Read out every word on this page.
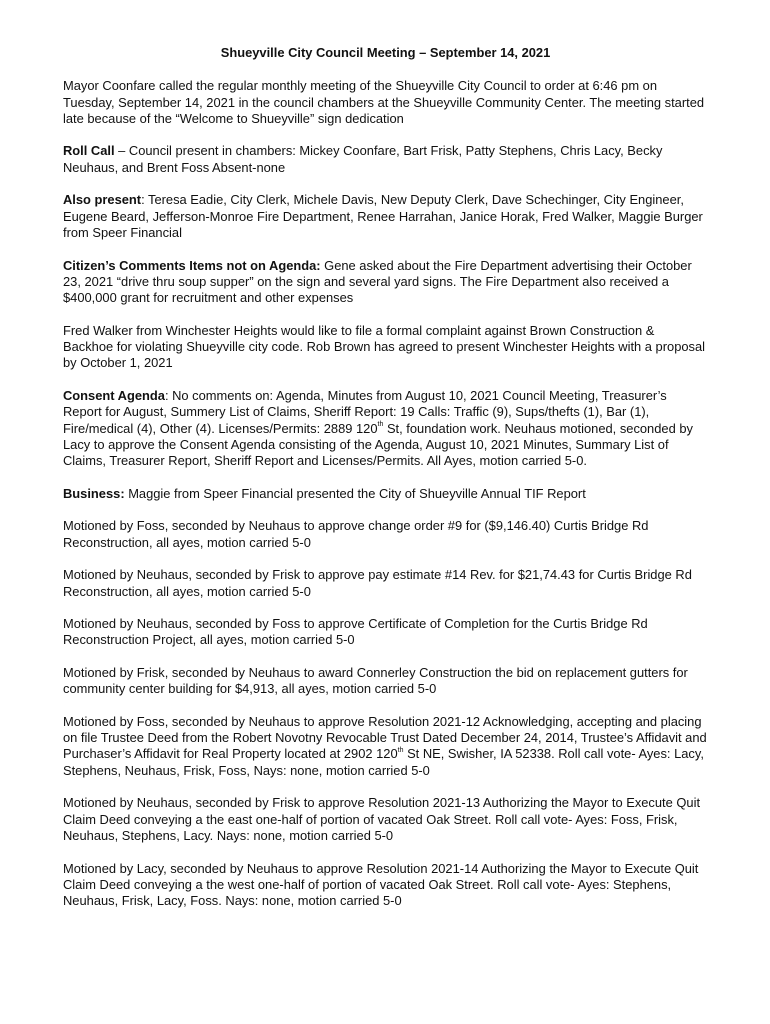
Shueyville City Council Meeting – September 14, 2021

Mayor Coonfare called the regular monthly meeting of the Shueyville City Council to order at 6:46 pm on Tuesday, September 14, 2021 in the council chambers at the Shueyville Community Center. The meeting started late because of the “Welcome to Shueyville” sign dedication

Roll Call – Council present in chambers: Mickey Coonfare, Bart Frisk, Patty Stephens, Chris Lacy, Becky Neuhaus, and Brent Foss Absent-none

Also present: Teresa Eadie, City Clerk, Michele Davis, New Deputy Clerk, Dave Schechinger, City Engineer, Eugene Beard, Jefferson-Monroe Fire Department, Renee Harrahan, Janice Horak, Fred Walker, Maggie Burger from Speer Financial

Citizen’s Comments Items not on Agenda: Gene asked about the Fire Department advertising their October 23, 2021 “drive thru soup supper” on the sign and several yard signs. The Fire Department also received a $400,000 grant for recruitment and other expenses

Fred Walker from Winchester Heights would like to file a formal complaint against Brown Construction & Backhoe for violating Shueyville city code. Rob Brown has agreed to present Winchester Heights with a proposal by October 1, 2021

Consent Agenda: No comments on: Agenda, Minutes from August 10, 2021 Council Meeting, Treasurer’s Report for August, Summery List of Claims, Sheriff Report: 19 Calls: Traffic (9), Sups/thefts (1), Bar (1), Fire/medical (4), Other (4). Licenses/Permits: 2889 120th St, foundation work. Neuhaus motioned, seconded by Lacy to approve the Consent Agenda consisting of the Agenda, August 10, 2021 Minutes, Summary List of Claims, Treasurer Report, Sheriff Report and Licenses/Permits. All Ayes, motion carried 5-0.

Business: Maggie from Speer Financial presented the City of Shueyville Annual TIF Report

Motioned by Foss, seconded by Neuhaus to approve change order #9 for ($9,146.40) Curtis Bridge Rd Reconstruction, all ayes, motion carried 5-0

Motioned by Neuhaus, seconded by Frisk to approve pay estimate #14 Rev. for $21,74.43 for Curtis Bridge Rd Reconstruction, all ayes, motion carried 5-0

Motioned by Neuhaus, seconded by Foss to approve Certificate of Completion for the Curtis Bridge Rd Reconstruction Project, all ayes, motion carried 5-0

Motioned by Frisk, seconded by Neuhaus to award Connerley Construction the bid on replacement gutters for community center building for $4,913, all ayes, motion carried 5-0

Motioned by Foss, seconded by Neuhaus to approve Resolution 2021-12 Acknowledging, accepting and placing on file Trustee Deed from the Robert Novotny Revocable Trust Dated December 24, 2014, Trustee’s Affidavit and Purchaser’s Affidavit for Real Property located at 2902 120th St NE, Swisher, IA 52338. Roll call vote- Ayes: Lacy, Stephens, Neuhaus, Frisk, Foss, Nays: none, motion carried 5-0

Motioned by Neuhaus, seconded by Frisk to approve Resolution 2021-13 Authorizing the Mayor to Execute Quit Claim Deed conveying a the east one-half of portion of vacated Oak Street. Roll call vote- Ayes: Foss, Frisk, Neuhaus, Stephens, Lacy. Nays: none, motion carried 5-0

Motioned by Lacy, seconded by Neuhaus to approve Resolution 2021-14 Authorizing the Mayor to Execute Quit Claim Deed conveying a the west one-half of portion of vacated Oak Street. Roll call vote- Ayes: Stephens, Neuhaus, Frisk, Lacy, Foss. Nays: none, motion carried 5-0
